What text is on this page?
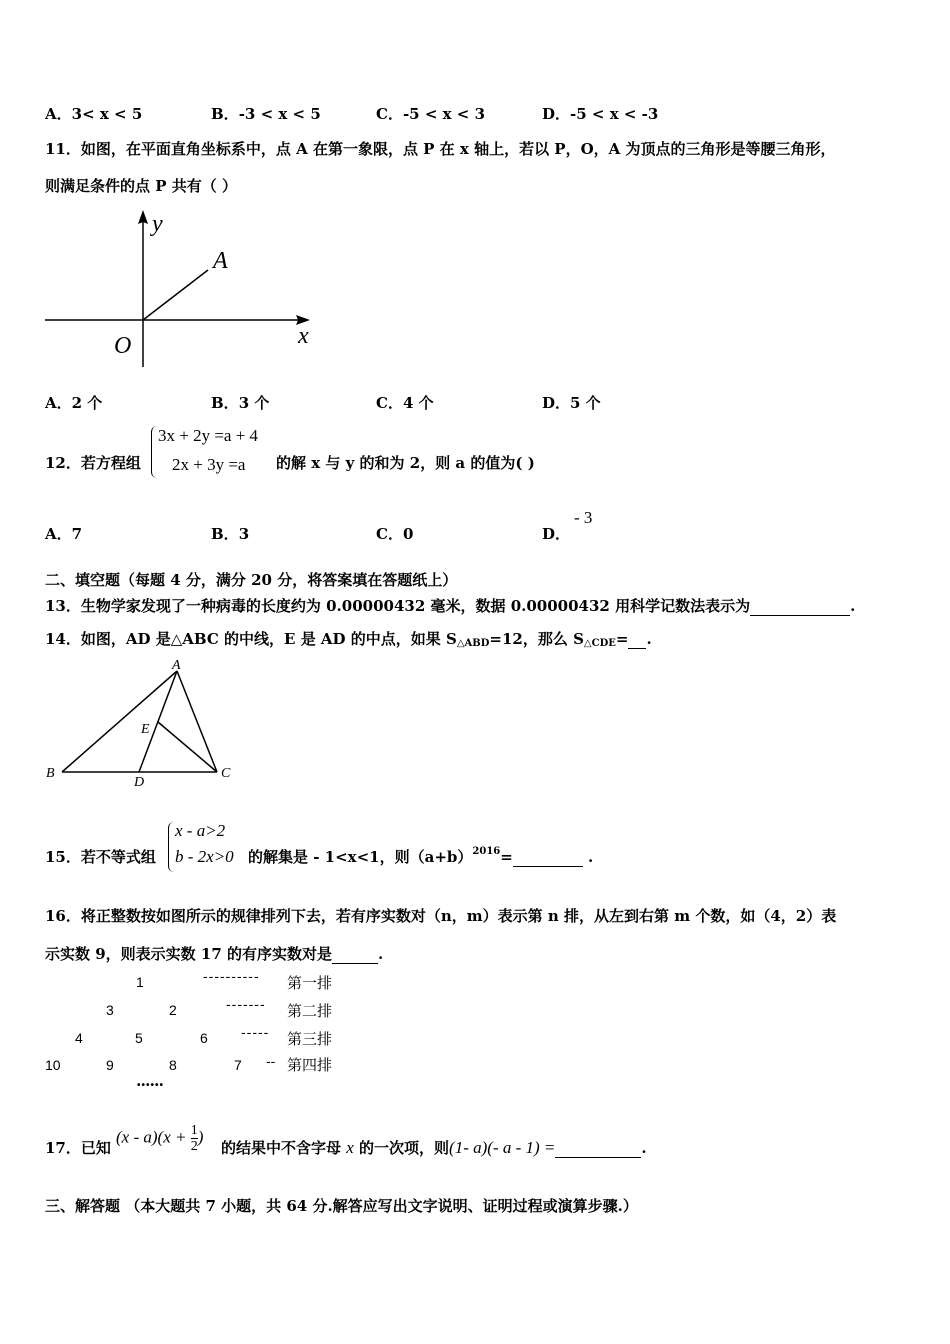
A．3< x < 5	B．-3 < x < 5	C．-5 < x < 3	D．-5 < x < -3
11．如图，在平面直角坐标系中，点 A 在第一象限，点 P 在 x 轴上，若以 P，O，A 为顶点的三角形是等腰三角形，
则满足条件的点 P 共有（ ）
y
x
O
A
A．2 个	B．3 个	C．4 个	D．5 个
12．若方程组
3x + 2y =a + 4
2x + 3y =a 的解 x 与 y 的和为 2，则 a 的值为( )
A．7	B．3	C．0	D．
- 3
二、填空题（每题 4 分，满分 20 分，将答案填在答题纸上）
13．生物学家发现了一种病毒的长度约为 0.00000432 毫米，数据 0.00000432 用科学记数法表示为	.
14．如图，AD 是△ABC 的中线，E 是 AD 的中点，如果 $S_{\triangle ABD}=12$，那么 $S_{\triangle CDE}=$ .
A
B	C
D
E
15．若不等式组
x - a>2
b - 2x>0 的解集是 - 1<x<1，则$(a+b)^{2016}=$	.
16．将正整数按如图所示的规律排列下去，若有序实数对（n，m）表示第 n 排，从左到右第 m 个数，如（4，2）表
示实数 9，则表示实数 17 的有序实数对是	.
1	---------- 第一排
3	2	------- 第二排
4	5	6 ----- 第三排
10	9	8	7 -- 第四排
••••••
17．已知
$(x - a)(x + \frac{1}{2}$ )
的结果中不含字母 x 的一次项，则(1- a)(- a - 1) =	.
三、解答题 （本大题共 7 小题，共 64 分.解答应写出文字说明、证明过程或演算步骤.）
